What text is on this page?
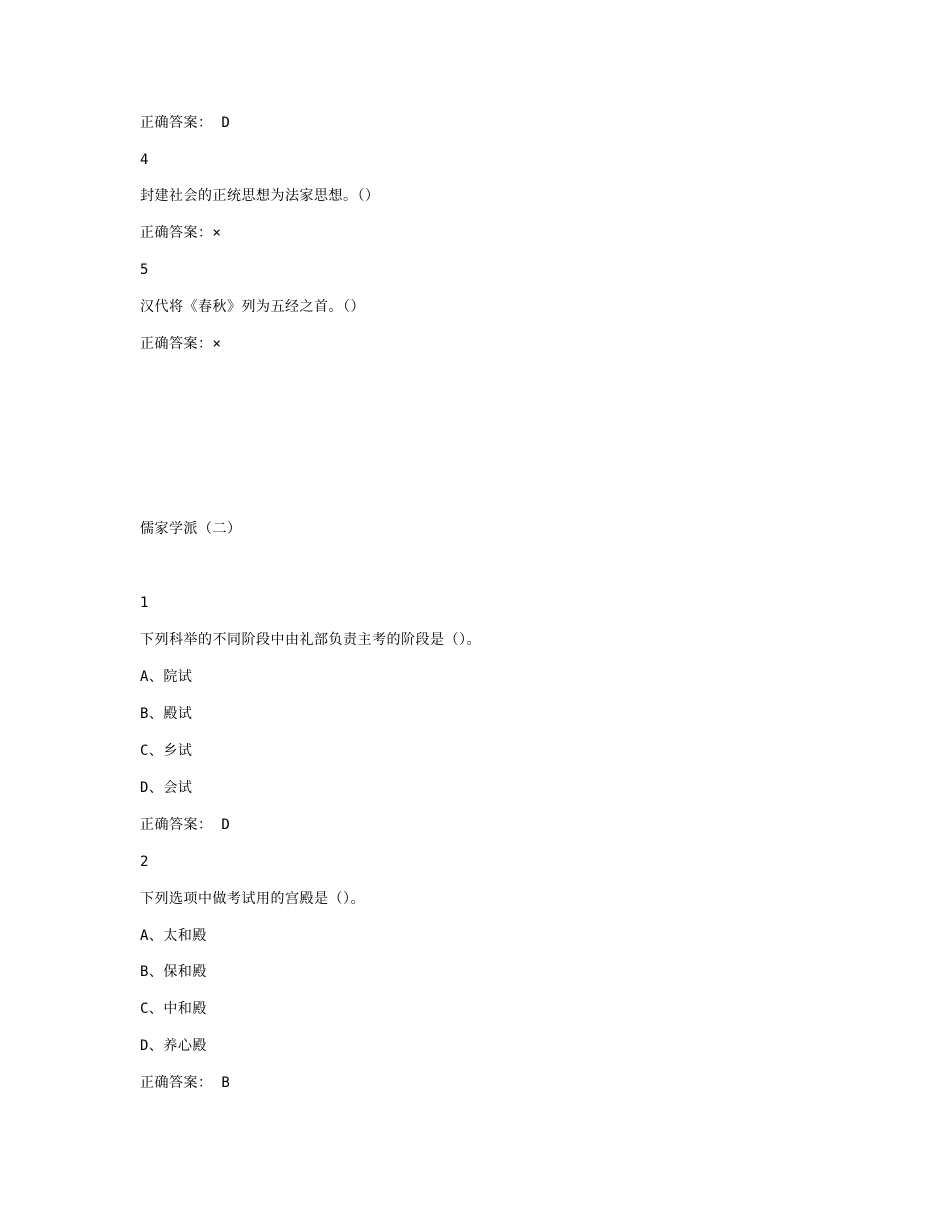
正确答案： D
4
封建社会的正统思想为法家思想。（）
正确答案：×
5
汉代将《春秋》列为五经之首。（）
正确答案：×
儒家学派（二）
1
下列科举的不同阶段中由礼部负责主考的阶段是（）。
A、院试
B、殿试
C、乡试
D、会试
正确答案： D
2
下列选项中做考试用的宫殿是（）。
A、太和殿
B、保和殿
C、中和殿
D、养心殿
正确答案： B
